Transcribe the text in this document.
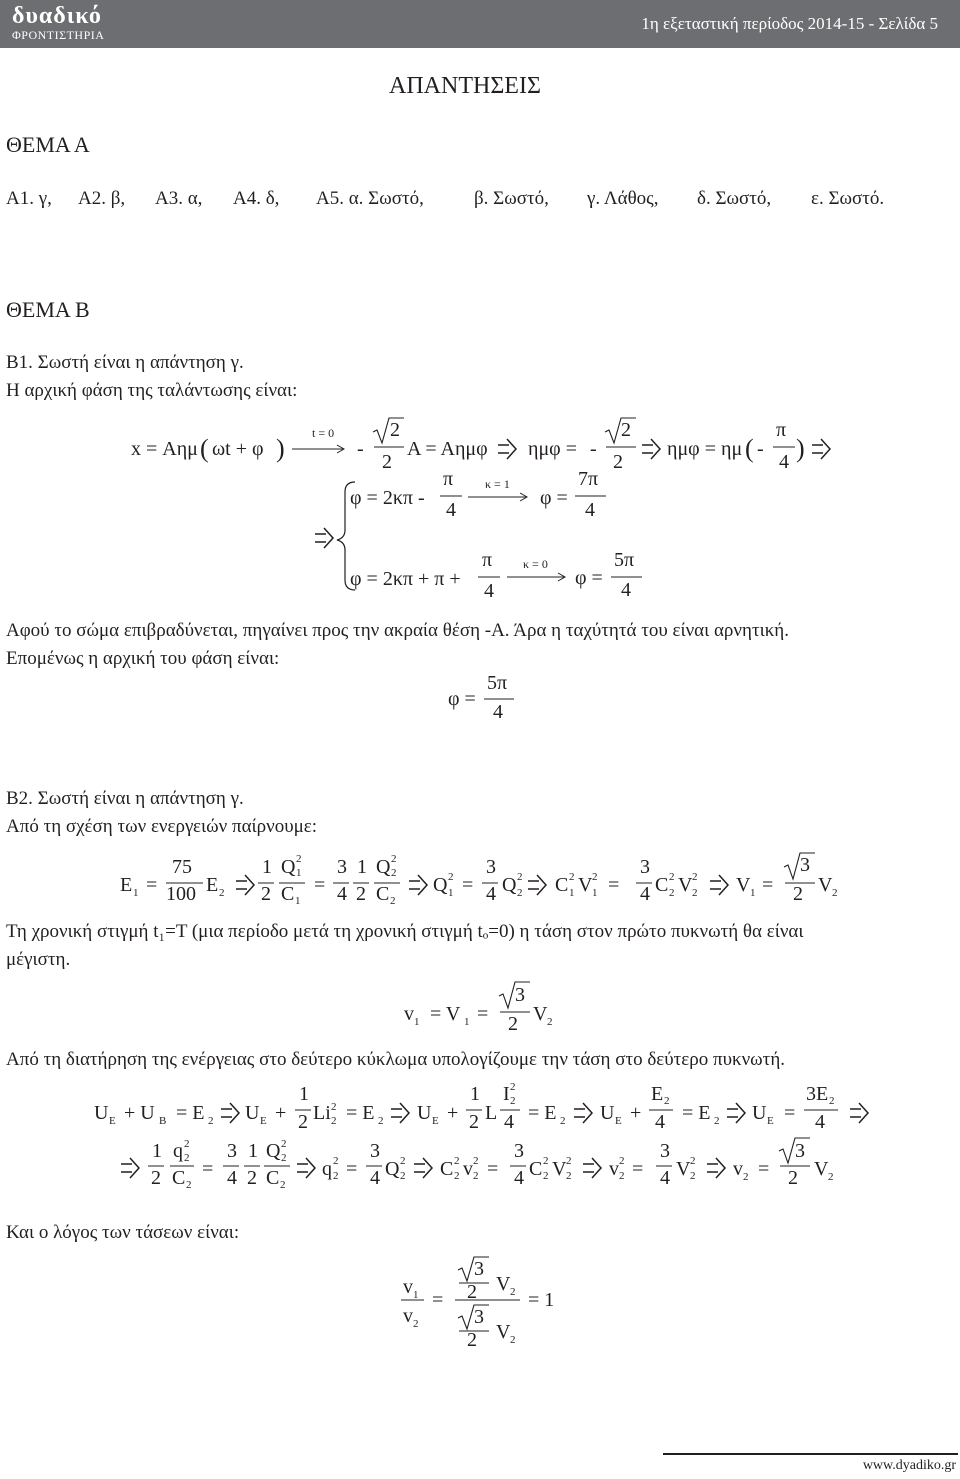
δυαδικό
ΦΡΟΝΤΙΣΤΗΡΙΑ
1η εξεταστική περίοδος 2014-15 - Σελίδα 5
ΑΠΑΝΤΗΣΕΙΣ
ΘΕΜΑ Α
Α1. γ, Α2. β, Α3. α, Α4. δ, Α5. α. Σωστό,	β. Σωστό, γ. Λάθος, δ. Σωστό, ε. Σωστό.
ΘΕΜΑ Β
Β1. Σωστή είναι η απάντηση γ.
Η αρχική φάση της ταλάντωσης είναι:
Αφού το σώμα επιβραδύνεται, πηγαίνει προς την ακραία θέση -Α. Άρα η ταχύτητά του είναι αρνητική.
Επομένως η αρχική του φάση είναι:
Β2. Σωστή είναι η απάντηση γ.
Από τη σχέση των ενεργειών παίρνουμε:
Τη χρονική στιγμή t₁=T (μια περίοδο μετά τη χρονική στιγμή tₒ=0) η τάση στον πρώτο πυκνωτή θα είναι
μέγιστη.
Από τη διατήρηση της ενέργειας στο δεύτερο κύκλωμα υπολογίζουμε την τάση στο δεύτερο πυκνωτή.
Και ο λόγος των τάσεων είναι:
x = Αημ ( ωt + φ )
t = 0
-
2
2
Α = Αημφ ημφ = -
2
2
ημφ = ημ ( -
π
4 )
φ = 2κπ -
π
4
κ = 1
φ =
7π
4
φ = 2κπ + π +
π
4
κ = 0
φ =
5π
4
φ =
5π
4
E 1 =
75
100 E 2
1
2
Q 2
1
C 1
=
3
4
1
2
Q 2
2
C 2
Q 2
1 =
3
4 Q 2
2 C 2
1 V 2
1 =
3
4 C 2
2 V 2
2 V 1 =
3
2 V 2
v 1 = V 1 =
3
2 V 2
U E + U B = E 2 U E +
1
2 Li 2
2 = E 2 U E +
1
2 L
I 2
2
4 = E 2 U E +
E 2
4 = E 2 U E =
3E 2
4
1
2
q 2
2
C 2
=
3
4
1
2
Q 2
2
C 2
q 2
2 =
3
4 Q 2
2 C 2
2 v 2
2 =
3
4 C 2
2 V 2
2 v 2
2 =
3
4 V 2
2 v 2 =
3
2 V 2
v 1
v 2
=
3
2 V 2
3
2 V 2
= 1
www.dyadiko.gr
